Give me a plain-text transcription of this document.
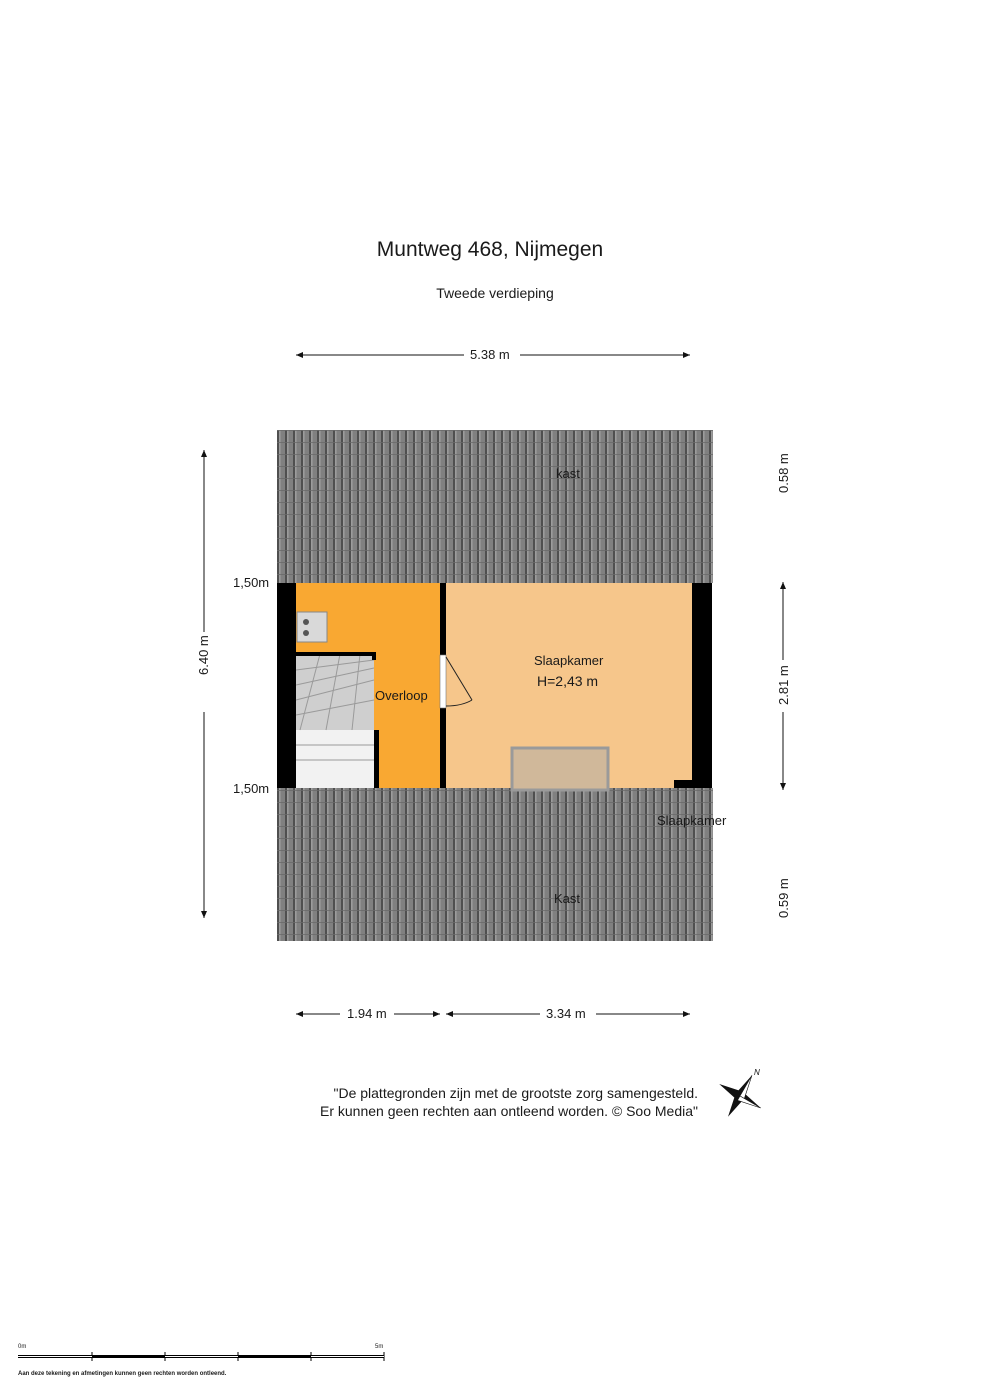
Muntweg 468, Nijmegen
Tweede verdieping
N
5.38 m
6.40 m
0.58 m
2.81 m
0.59 m
1.94 m	3.34 m
1,50m
1,50m
kast
Kast
Overloop
Slaapkamer
H=2,43 m
Slaapkamer
"De plattegronden zijn met de grootste zorg samengesteld.
Er kunnen geen rechten aan ontleend worden. © Soo Media"
0m	5m
Aan deze tekening en afmetingen kunnen geen rechten worden ontleend.
